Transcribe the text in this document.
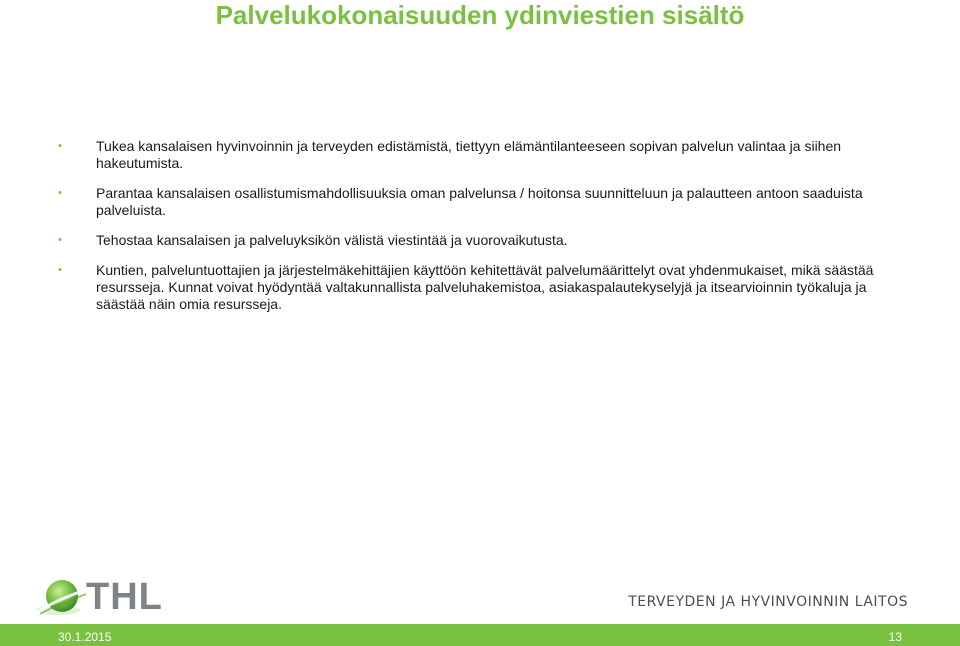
Palvelukokonaisuuden ydinviestien sisältö
• Tukea kansalaisen hyvinvoinnin ja terveyden edistämistä, tiettyyn elämäntilanteeseen sopivan palvelun valintaa ja siihen hakeutumista.
• Parantaa kansalaisen osallistumismahdollisuuksia oman palvelunsa / hoitonsa suunnitteluun ja palautteen antoon saaduista palveluista.
• Tehostaa kansalaisen ja palveluyksikön välistä viestintää ja vuorovaikutusta.
• Kuntien, palveluntuottajien ja järjestelmäkehittäjien käyttöön kehitettävät palvelumäärittelyt ovat yhdenmukaiset, mikä säästää resursseja. Kunnat voivat hyödyntää valtakunnallista palveluhakemistoa, asiakaspalautekyselyjä ja itsearvioinnin työkaluja ja säästää näin omia resursseja.
THL	TERVEYDEN JA HYVINVOINNIN LAITOS
30.1.2015	13
